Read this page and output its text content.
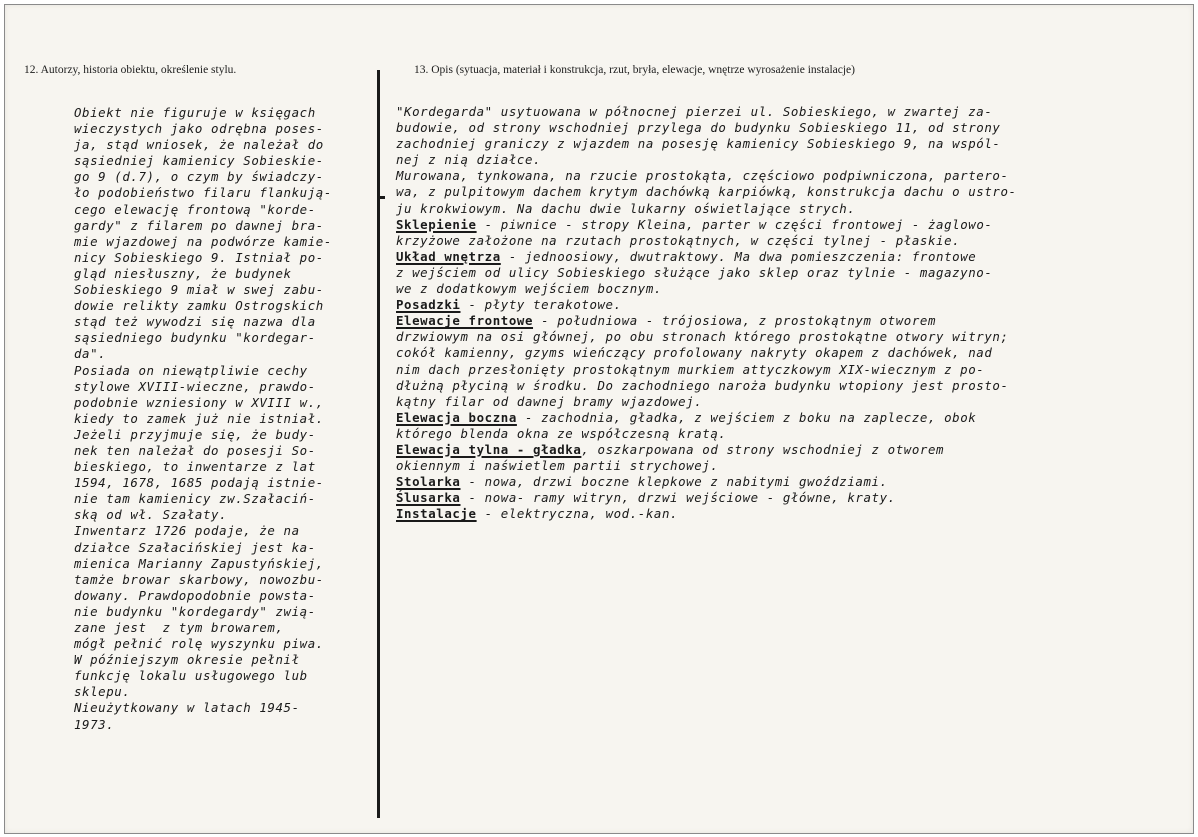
12. Autorzy, historia obiektu, określenie stylu.	13. Opis (sytuacja, materiał i konstrukcja, rzut, bryła, elewacje, wnętrze wyrosażenie instalacje)
Obiekt nie figuruje w księgach
wieczystych jako odrębna poses-
ja, stąd wniosek, że należał do
sąsiedniej kamienicy Sobieskie-
go 9 (d.7), o czym by świadczy-
ło podobieństwo filaru flankują-
cego elewację frontową "korde-
gardy" z filarem po dawnej bra-
mie wjazdowej na podwórze kamie-
nicy Sobieskiego 9. Istniał po-
gląd niesłuszny, że budynek
Sobieskiego 9 miał w swej zabu-
dowie relikty zamku Ostrogskich
stąd też wywodzi się nazwa dla
sąsiedniego budynku "kordegar-
da".
Posiada on niewątpliwie cechy
stylowe XVIII-wieczne, prawdo-
podobnie wzniesiony w XVIII w.,
kiedy to zamek już nie istniał.
Jeżeli przyjmuje się, że budy-
nek ten należał do posesji So-
bieskiego, to inwentarze z lat
1594, 1678, 1685 podają istnie-
nie tam kamienicy zw.Szałaciń-
ską od wł. Szałaty.
Inwentarz 1726 podaje, że na
działce Szałacińskiej jest ka-
mienica Marianny Zapustyńskiej,
tamże browar skarbowy, nowozbu-
dowany. Prawdopodobnie powsta-
nie budynku "kordegardy" zwią-
zane jest  z tym browarem,
mógł pełnić rolę wyszynku piwa.
W późniejszym okresie pełnił
funkcję lokalu usługowego lub
sklepu.
Nieużytkowany w latach 1945-
1973.
"Kordegarda" usytuowana w północnej pierzei ul. Sobieskiego, w zwartej za-
budowie, od strony wschodniej przylega do budynku Sobieskiego 11, od strony
zachodniej graniczy z wjazdem na posesję kamienicy Sobieskiego 9, na wspól-
nej z nią działce.
Murowana, tynkowana, na rzucie prostokąta, częściowo podpiwniczona, partero-
wa, z pulpitowym dachem krytym dachówką karpiówką, konstrukcja dachu o ustro-
ju krokwiowym. Na dachu dwie lukarny oświetlające strych.
Sklepienie - piwnice - stropy Kleina, parter w części frontowej - żaglowo-
krzyżowe założone na rzutach prostokątnych, w części tylnej - płaskie.
Układ wnętrza - jednoosiowy, dwutraktowy. Ma dwa pomieszczenia: frontowe
z wejściem od ulicy Sobieskiego służące jako sklep oraz tylnie - magazyno-
we z dodatkowym wejściem bocznym.
Posadzki - płyty terakotowe.
Elewacje frontowe - południowa - trójosiowa, z prostokątnym otworem
drzwiowym na osi głównej, po obu stronach którego prostokątne otwory witryn;
cokół kamienny, gzyms wieńczący profolowany nakryty okapem z dachówek, nad
nim dach przesłonięty prostokątnym murkiem attyczkowym XIX-wiecznym z po-
dłużną płyciną w środku. Do zachodniego naroża budynku wtopiony jest prosto-
kątny filar od dawnej bramy wjazdowej.
Elewacja boczna - zachodnia, gładka, z wejściem z boku na zaplecze, obok
którego blenda okna ze współczesną kratą.
Elewacja tylna - gładka, oszkarpowana od strony wschodniej z otworem
okiennym i naświetlem partii strychowej.
Stolarka - nowa, drzwi boczne klepkowe z nabitymi gwoździami.
Ślusarka - nowa- ramy witryn, drzwi wejściowe - główne, kraty.
Instalacje - elektryczna, wod.-kan.
